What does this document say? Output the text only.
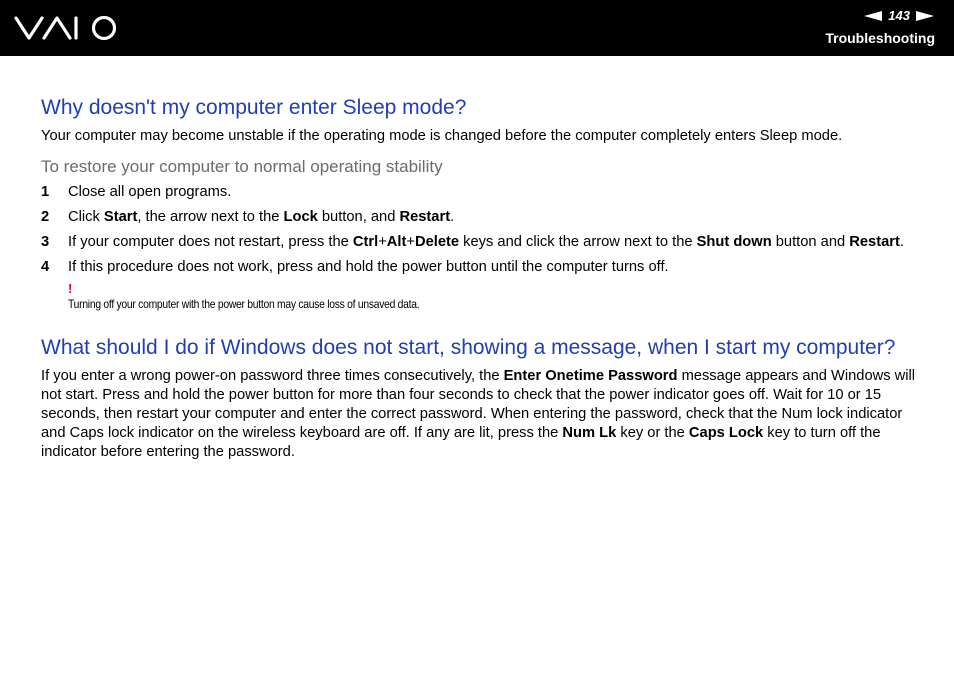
143
Troubleshooting
Why doesn't my computer enter Sleep mode?

Your computer may become unstable if the operating mode is changed before the computer completely enters Sleep mode.

To restore your computer to normal operating stability
1 Close all open programs.
2 Click Start, the arrow next to the Lock button, and Restart.
3 If your computer does not restart, press the Ctrl+Alt+Delete keys and click the arrow next to the Shut down button and Restart.
4 If this procedure does not work, press and hold the power button until the computer turns off.
!
Turning off your computer with the power button may cause loss of unsaved data.
What should I do if Windows does not start, showing a message, when I start my computer?

If you enter a wrong power-on password three times consecutively, the Enter Onetime Password message appears and Windows will not start. Press and hold the power button for more than four seconds to check that the power indicator goes off. Wait for 10 or 15 seconds, then restart your computer and enter the correct password. When entering the password, check that the Num lock indicator and Caps lock indicator on the wireless keyboard are off. If any are lit, press the Num Lk key or the Caps Lock key to turn off the indicator before entering the password.
